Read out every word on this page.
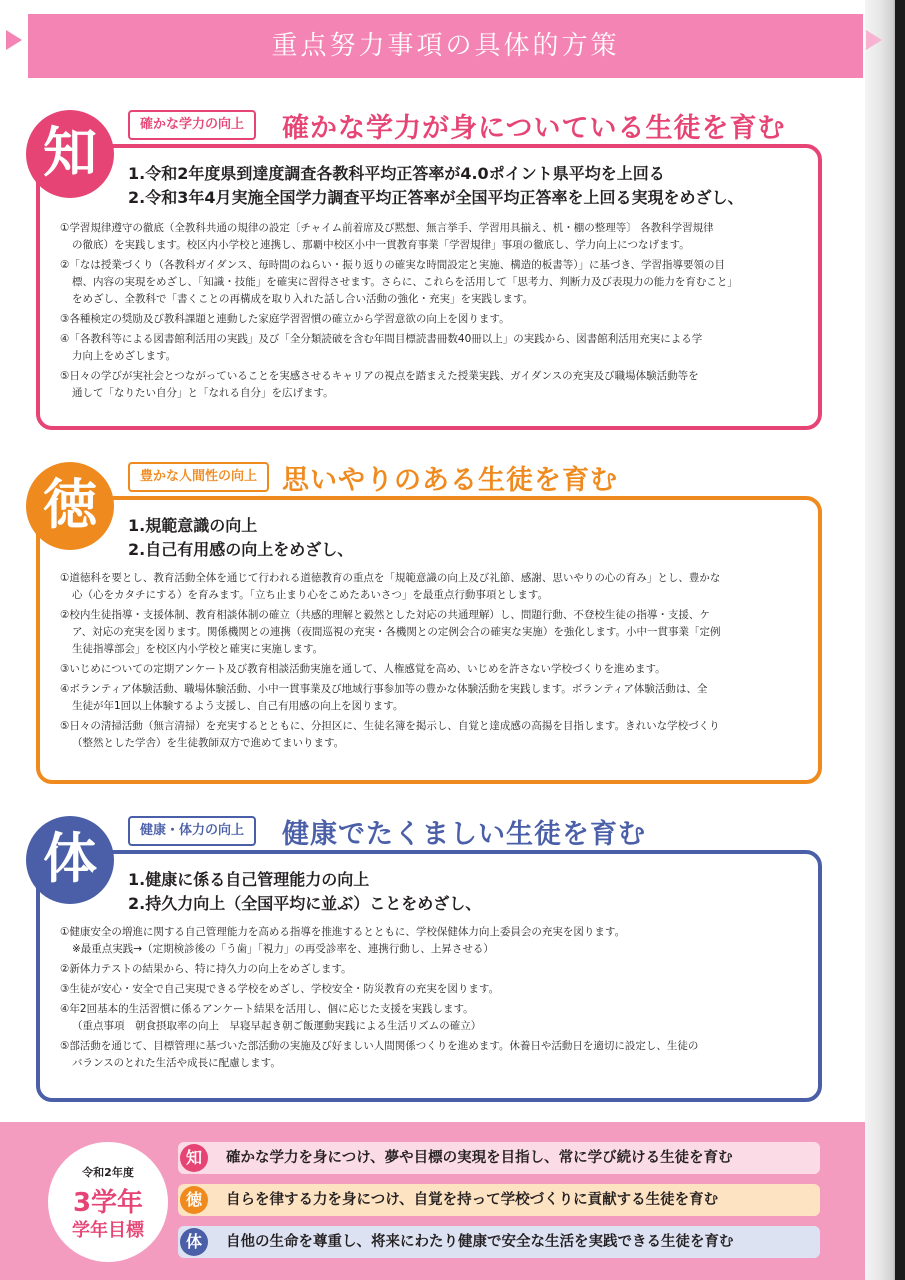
重点努力事項の具体的方策
知	確かな学力の向上	確かな学力が身についている生徒を育む
1.令和2年度県到達度調査各教科平均正答率が4.0ポイント県平均を上回る
2.令和3年4月実施全国学力調査平均正答率が全国平均正答率を上回る実現をめざし、
①学習規律遵守の徹底（全教科共通の規律の設定〔チャイム前着席及び黙想、無言挙手、学習用具揃え、机・棚の整理等〕 各教科学習規律
の徹底）を実践します。校区内小学校と連携し、那覇中校区小中一貫教育事業「学習規律」事項の徹底し、学力向上につなげます。
②「なは授業づくり（各教科ガイダンス、毎時間のねらい・振り返りの確実な時間設定と実施、構造的板書等）」に基づき、学習指導要領の目
標、内容の実現をめざし、「知識・技能」を確実に習得させます。さらに、これらを活用して「思考力、判断力及び表現力の能力を育むこと」
をめざし、全教科で「書くことの再構成を取り入れた話し合い活動の強化・充実」を実践します。
③各種検定の奨励及び教科課題と連動した家庭学習習慣の確立から学習意欲の向上を図ります。
④「各教科等による図書館利活用の実践」及び「全分類読破を含む年間目標読書冊数40冊以上」の実践から、図書館利活用充実による学
力向上をめざします。
⑤日々の学びが実社会とつながっていることを実感させるキャリアの視点を踏まえた授業実践、ガイダンスの充実及び職場体験活動等を
通して「なりたい自分」と「なれる自分」を広げます。
徳	豊かな人間性の向上 思いやりのある生徒を育む
1.規範意識の向上
2.自己有用感の向上をめざし、
①道徳科を要とし、教育活動全体を通じて行われる道徳教育の重点を「規範意識の向上及び礼節、感謝、思いやりの心の育み」とし、豊かな
心（心をカタチにする）を育みます。「立ち止まり心をこめたあいさつ」を最重点行動事項とします。
②校内生徒指導・支援体制、教育相談体制の確立（共感的理解と毅然とした対応の共通理解）し、問題行動、不登校生徒の指導・支援、ケ
ア、対応の充実を図ります。関係機関との連携（夜間巡視の充実・各機関との定例会合の確実な実施）を強化します。小中一貫事業「定例
生徒指導部会」を校区内小学校と確実に実施します。
③いじめについての定期アンケート及び教育相談活動実施を通して、人権感覚を高め、いじめを許さない学校づくりを進めます。
④ボランティア体験活動、職場体験活動、小中一貫事業及び地域行事参加等の豊かな体験活動を実践します。ボランティア体験活動は、全
生徒が年1回以上体験するよう支援し、自己有用感の向上を図ります。
⑤日々の清掃活動（無言清掃）を充実するとともに、分担区に、生徒名簿を掲示し、自覚と達成感の高揚を目指します。きれいな学校づくり
（整然とした学舎）を生徒教師双方で進めてまいります。
体	健康・体力の向上	健康でたくましい生徒を育む
1.健康に係る自己管理能力の向上
2.持久力向上（全国平均に並ぶ）ことをめざし、
①健康安全の増進に関する自己管理能力を高める指導を推進するとともに、学校保健体力向上委員会の充実を図ります。
※最重点実践→（定期検診後の「う歯」「視力」の再受診率を、連携行動し、上昇させる）
②新体力テストの結果から、特に持久力の向上をめざします。
③生徒が安心・安全で自己実現できる学校をめざし、学校安全・防災教育の充実を図ります。
④年2回基本的生活習慣に係るアンケート結果を活用し、個に応じた支援を実践します。
（重点事項　朝食摂取率の向上　早寝早起き朝ご飯運動実践による生活リズムの確立）
⑤部活動を通じて、目標管理に基づいた部活動の実施及び好ましい人間関係つくりを進めます。休養日や活動日を適切に設定し、生徒の
バランスのとれた生活や成長に配慮します。
令和2年度
3学年
学年目標
知	確かな学力を身につけ、夢や目標の実現を目指し、常に学び続ける生徒を育む
徳	自らを律する力を身につけ、自覚を持って学校づくりに貢献する生徒を育む
体	自他の生命を尊重し、将来にわたり健康で安全な生活を実践できる生徒を育む
